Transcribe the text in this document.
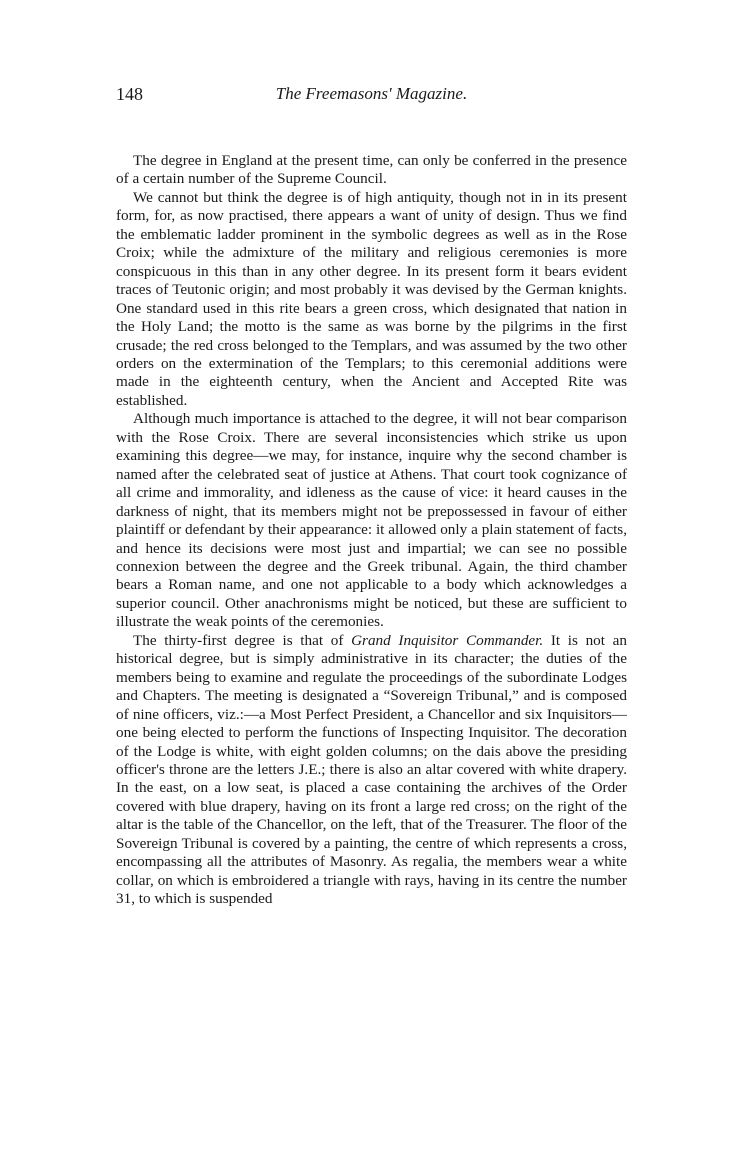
148	The Freemasons' Magazine.

The degree in England at the present time, can only be conferred in the presence of a certain number of the Supreme Council.

We cannot but think the degree is of high antiquity, though not in in its present form, for, as now practised, there appears a want of unity of design. Thus we find the emblematic ladder prominent in the symbolic degrees as well as in the Rose Croix; while the admixture of the military and religious ceremonies is more conspicuous in this than in any other degree. In its present form it bears evident traces of Teutonic origin; and most probably it was devised by the German knights. One standard used in this rite bears a green cross, which designated that nation in the Holy Land; the motto is the same as was borne by the pilgrims in the first crusade; the red cross belonged to the Templars, and was assumed by the two other orders on the extermination of the Templars; to this ceremonial additions were made in the eighteenth century, when the Ancient and Accepted Rite was established.

Although much importance is attached to the degree, it will not bear comparison with the Rose Croix. There are several inconsistencies which strike us upon examining this degree—we may, for instance, inquire why the second chamber is named after the celebrated seat of justice at Athens. That court took cognizance of all crime and immorality, and idleness as the cause of vice: it heard causes in the darkness of night, that its members might not be prepossessed in favour of either plaintiff or defendant by their appearance: it allowed only a plain statement of facts, and hence its decisions were most just and impartial; we can see no possible connexion between the degree and the Greek tribunal. Again, the third chamber bears a Roman name, and one not applicable to a body which acknowledges a superior council. Other anachronisms might be noticed, but these are sufficient to illustrate the weak points of the ceremonies.

The thirty-first degree is that of Grand Inquisitor Commander. It is not an historical degree, but is simply administrative in its character; the duties of the members being to examine and regulate the proceedings of the subordinate Lodges and Chapters. The meeting is designated a “Sovereign Tribunal,” and is composed of nine officers, viz.:—a Most Perfect President, a Chancellor and six Inquisitors—one being elected to perform the functions of Inspecting Inquisitor. The decoration of the Lodge is white, with eight golden columns; on the dais above the presiding officer's throne are the letters J.E.; there is also an altar covered with white drapery. In the east, on a low seat, is placed a case containing the archives of the Order covered with blue drapery, having on its front a large red cross; on the right of the altar is the table of the Chancellor, on the left, that of the Treasurer. The floor of the Sovereign Tribunal is covered by a painting, the centre of which represents a cross, encompassing all the attributes of Masonry. As regalia, the members wear a white collar, on which is embroidered a triangle with rays, having in its centre the number 31, to which is suspended
